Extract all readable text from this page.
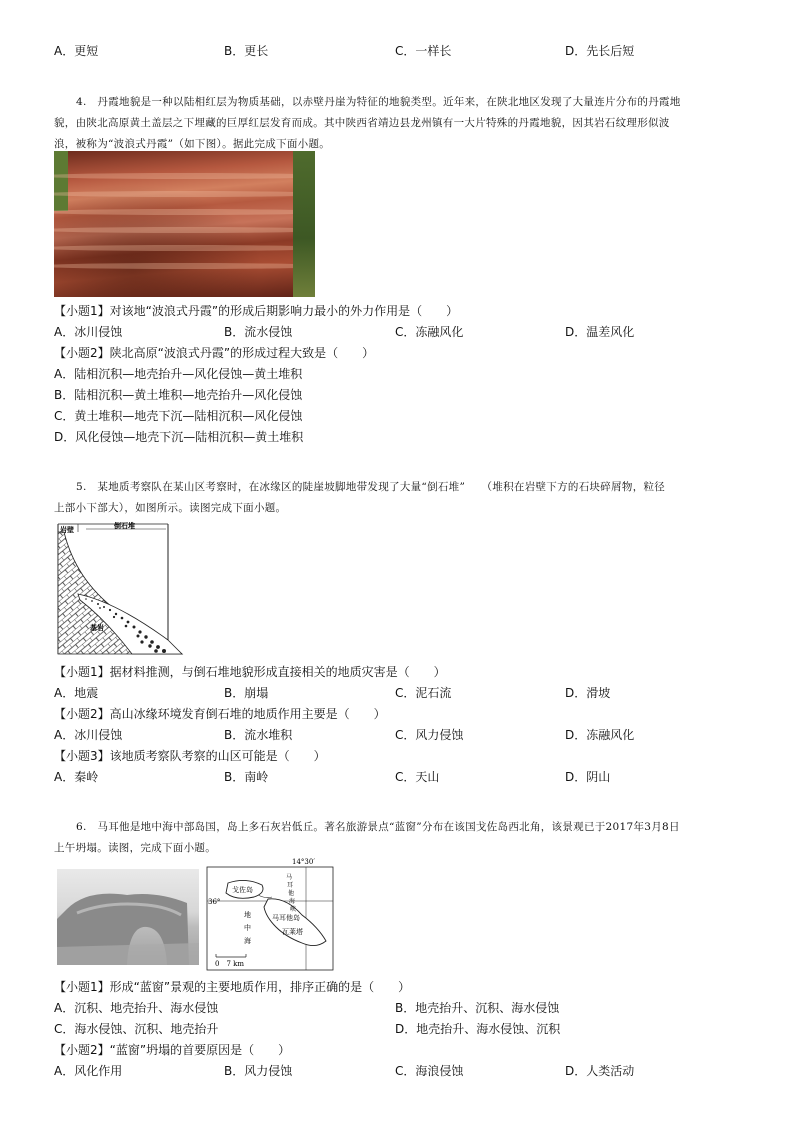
A．更短	B．更长	C．一样长	D．先长后短
4.　丹霞地貌是一种以陆相红层为物质基础，以赤壁丹崖为特征的地貌类型。近年来，在陕北地区发现了大量连片分布的丹霞地
貌，由陕北高原黄土盖层之下埋藏的巨厚红层发育而成。其中陕西省靖边县龙州镇有一大片特殊的丹霞地貌，因其岩石纹理形似波
浪，被称为“波浪式丹霞”（如下图）。据此完成下面小题。
【小题1】对该地“波浪式丹霞”的形成后期影响力最小的外力作用是（　　）
A．冰川侵蚀	B．流水侵蚀	C．冻融风化	D．温差风化
【小题2】陕北高原“波浪式丹霞”的形成过程大致是（　　）
A．陆相沉积—地壳抬升—风化侵蚀—黄土堆积
B．陆相沉积—黄土堆积—地壳抬升—风化侵蚀
C．黄土堆积—地壳下沉—陆相沉积—风化侵蚀
D．风化侵蚀—地壳下沉—陆相沉积—黄土堆积
5.　某地质考察队在某山区考察时，在冰缘区的陡崖坡脚地带发现了大量“倒石堆”　　（堆积在岩壁下方的石块碎屑物，粒径
上部小下部大），如图所示。读图完成下面小题。
岩壁	倒石堆
基岩
【小题1】据材料推测，与倒石堆地貌形成直接相关的地质灾害是（　　）
A．地震	B．崩塌	C．泥石流	D．滑坡
【小题2】高山冰缘环境发育倒石堆的地质作用主要是（　　）
A．冰川侵蚀	B．流水堆积	C．风力侵蚀	D．冻融风化
【小题3】该地质考察队考察的山区可能是（　　）
A．秦岭	B．南岭	C．天山	D．阴山
6.　马耳他是地中海中部岛国，岛上多石灰岩低丘。著名旅游景点“蓝窗”分布在该国戈佐岛西北角，该景观已于2017年3月8日
上午坍塌。读图，完成下面小题。
14°30′
36°
戈佐岛
地
中
海
马
耳
他
海
峡
马耳他岛
瓦莱塔
0　7 km
【小题1】形成“蓝窗”景观的主要地质作用，排序正确的是（　　）
A．沉积、地壳抬升、海水侵蚀	B．地壳抬升、沉积、海水侵蚀
C．海水侵蚀、沉积、地壳抬升	D．地壳抬升、海水侵蚀、沉积
【小题2】“蓝窗”坍塌的首要原因是（　　）
A．风化作用	B．风力侵蚀	C．海浪侵蚀	D．人类活动
